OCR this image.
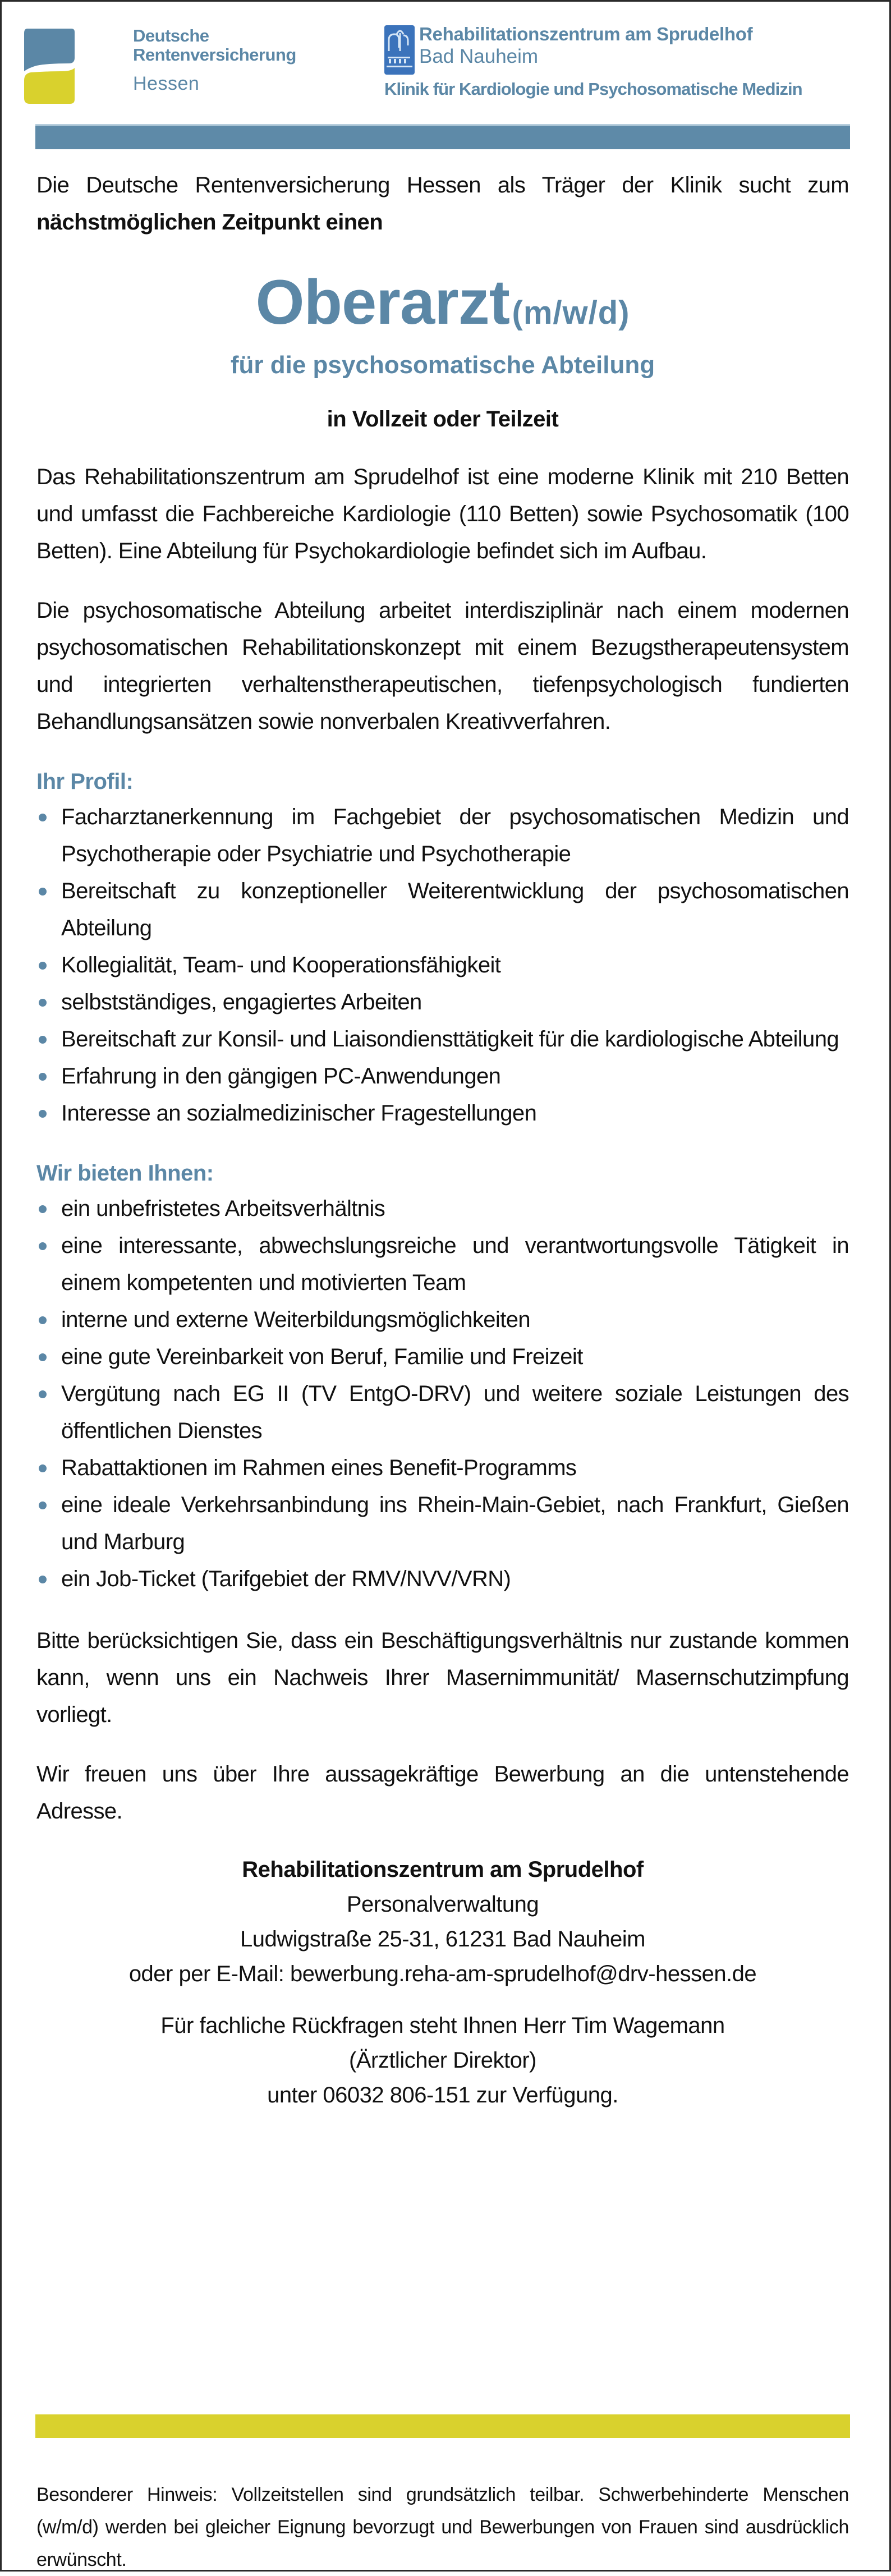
Deutsche
Rentenversicherung
Hessen
Rehabilitationszentrum am Sprudelhof
Bad Nauheim
Klinik für Kardiologie und Psychosomatische Medizin

Die Deutsche Rentenversicherung Hessen als Träger der Klinik sucht zum nächstmöglichen Zeitpunkt einen

Oberarzt (m/w/d)
für die psychosomatische Abteilung
in Vollzeit oder Teilzeit

Das Rehabilitationszentrum am Sprudelhof ist eine moderne Klinik mit 210 Betten und umfasst die Fachbereiche Kardiologie (110 Betten) sowie Psychosomatik (100 Betten). Eine Abteilung für Psychokardiologie befindet sich im Aufbau.

Die psychosomatische Abteilung arbeitet interdisziplinär nach einem modernen psychosomatischen Rehabilitationskonzept mit einem Bezugstherapeutensystem und integrierten verhaltenstherapeutischen, tiefenpsychologisch fundierten Behandlungsansätzen sowie nonverbalen Kreativverfahren.

Ihr Profil:
Facharztanerkennung im Fachgebiet der psychosomatischen Medizin und Psychotherapie oder Psychiatrie und Psychotherapie
Bereitschaft zu konzeptioneller Weiterentwicklung der psychosomatischen Abteilung
Kollegialität, Team- und Kooperationsfähigkeit
selbstständiges, engagiertes Arbeiten
Bereitschaft zur Konsil- und Liaisondiensttätigkeit für die kardiologische Abteilung
Erfahrung in den gängigen PC-Anwendungen
Interesse an sozialmedizinischer Fragestellungen
Wir bieten Ihnen:
ein unbefristetes Arbeitsverhältnis
eine interessante, abwechslungsreiche und verantwortungsvolle Tätigkeit in einem kompetenten und motivierten Team
interne und externe Weiterbildungsmöglichkeiten
eine gute Vereinbarkeit von Beruf, Familie und Freizeit
Vergütung nach EG II (TV EntgO-DRV) und weitere soziale Leistungen des öffentlichen Dienstes
Rabattaktionen im Rahmen eines Benefit-Programms
eine ideale Verkehrsanbindung ins Rhein-Main-Gebiet, nach Frankfurt, Gießen und Marburg
ein Job-Ticket (Tarifgebiet der RMV/NVV/VRN)

Bitte berücksichtigen Sie, dass ein Beschäftigungsverhältnis nur zustande kommen kann, wenn uns ein Nachweis Ihrer Masernimmunität/ Masernschutzimpfung vorliegt.

Wir freuen uns über Ihre aussagekräftige Bewerbung an die untenstehende Adresse.

Rehabilitationszentrum am Sprudelhof
Personalverwaltung
Ludwigstraße 25-31, 61231 Bad Nauheim
oder per E-Mail: bewerbung.reha-am-sprudelhof@drv-hessen.de
Für fachliche Rückfragen steht Ihnen Herr Tim Wagemann
(Ärztlicher Direktor)
unter 06032 806-151 zur Verfügung.

Besonderer Hinweis: Vollzeitstellen sind grundsätzlich teilbar. Schwerbehinderte Menschen (w/m/d) werden bei gleicher Eignung bevorzugt und Bewerbungen von Frauen sind ausdrücklich erwünscht.
